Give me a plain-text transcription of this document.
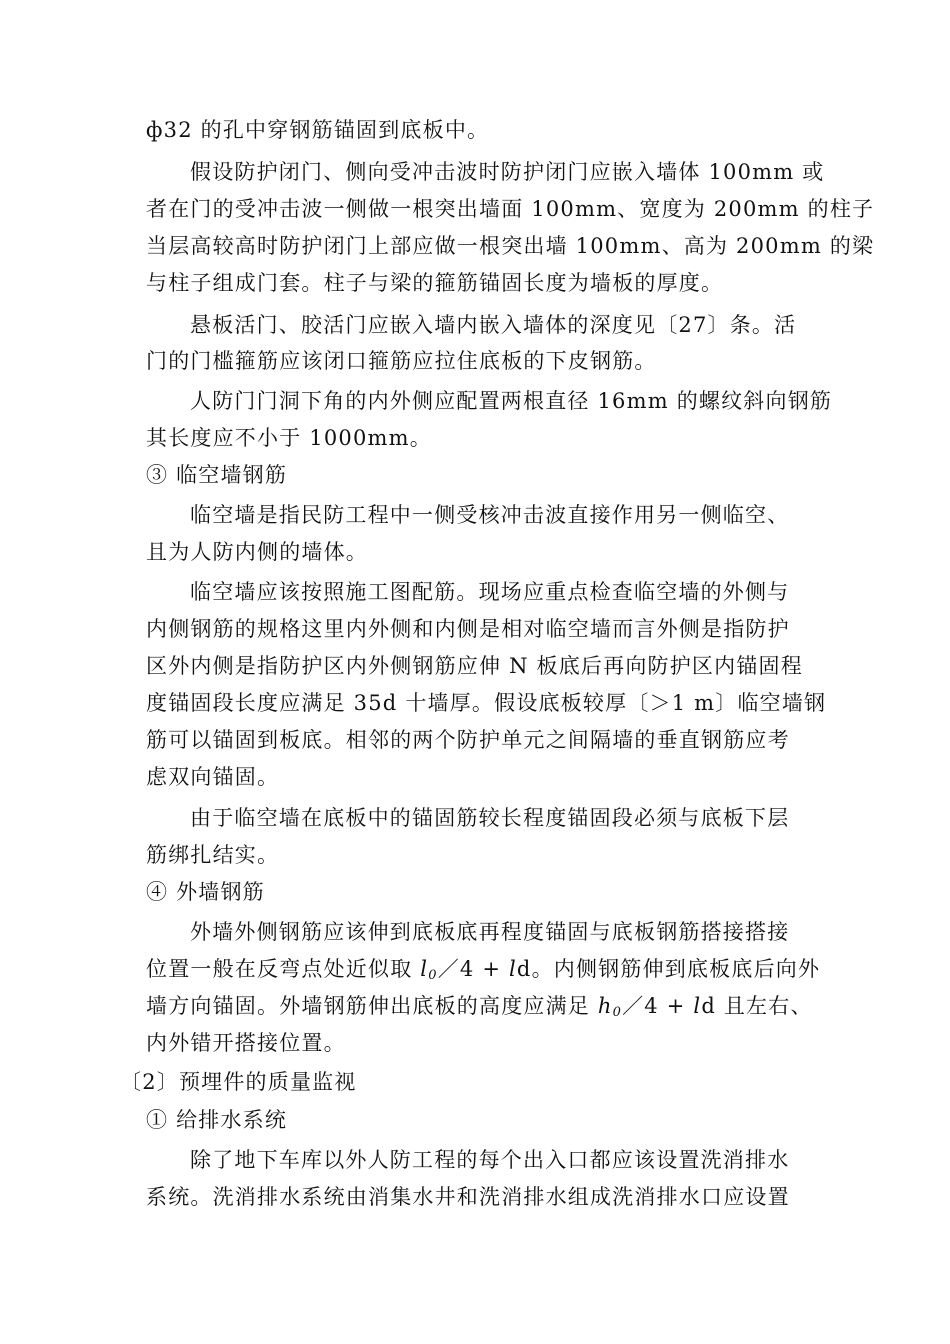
ф32 的孔中穿钢筋锚固到底板中。
假设防护闭门、侧向受冲击波时防护闭门应嵌入墙体 100mm 或
者在门的受冲击波一侧做一根突出墙面 100mm、宽度为 200mm 的柱子
当层高较高时防护闭门上部应做一根突出墙 100mm、高为 200mm 的梁
与柱子组成门套。柱子与梁的箍筋锚固长度为墙板的厚度。
悬板活门、胶活门应嵌入墙内嵌入墙体的深度见〔27〕条。活
门的门槛箍筋应该闭口箍筋应拉住底板的下皮钢筋。
人防门门洞下角的内外侧应配置两根直径 16mm 的螺纹斜向钢筋
其长度应不小于 1000mm。
③ 临空墙钢筋
临空墙是指民防工程中一侧受核冲击波直接作用另一侧临空、
且为人防内侧的墙体。
临空墙应该按照施工图配筋。现场应重点检查临空墙的外侧与
内侧钢筋的规格这里内外侧和内侧是相对临空墙而言外侧是指防护
区外内侧是指防护区内外侧钢筋应伸 N 板底后再向防护区内锚固程
度锚固段长度应满足 35d 十墙厚。假设底板较厚〔＞1 m〕临空墙钢
筋可以锚固到板底。相邻的两个防护单元之间隔墙的垂直钢筋应考
虑双向锚固。
由于临空墙在底板中的锚固筋较长程度锚固段必须与底板下层
筋绑扎结实。
④ 外墙钢筋
外墙外侧钢筋应该伸到底板底再程度锚固与底板钢筋搭接搭接
位置一般在反弯点处近似取 $l_0/4$ + ld。内侧钢筋伸到底板底后向外
墙方向锚固。外墙钢筋伸出底板的高度应满足 $h_0/4$ + ld 且左右、
内外错开搭接位置。
〔2〕预埋件的质量监视
① 给排水系统
除了地下车库以外人防工程的每个出入口都应该设置洗消排水
系统。洗消排水系统由消集水井和洗消排水组成洗消排水口应设置
